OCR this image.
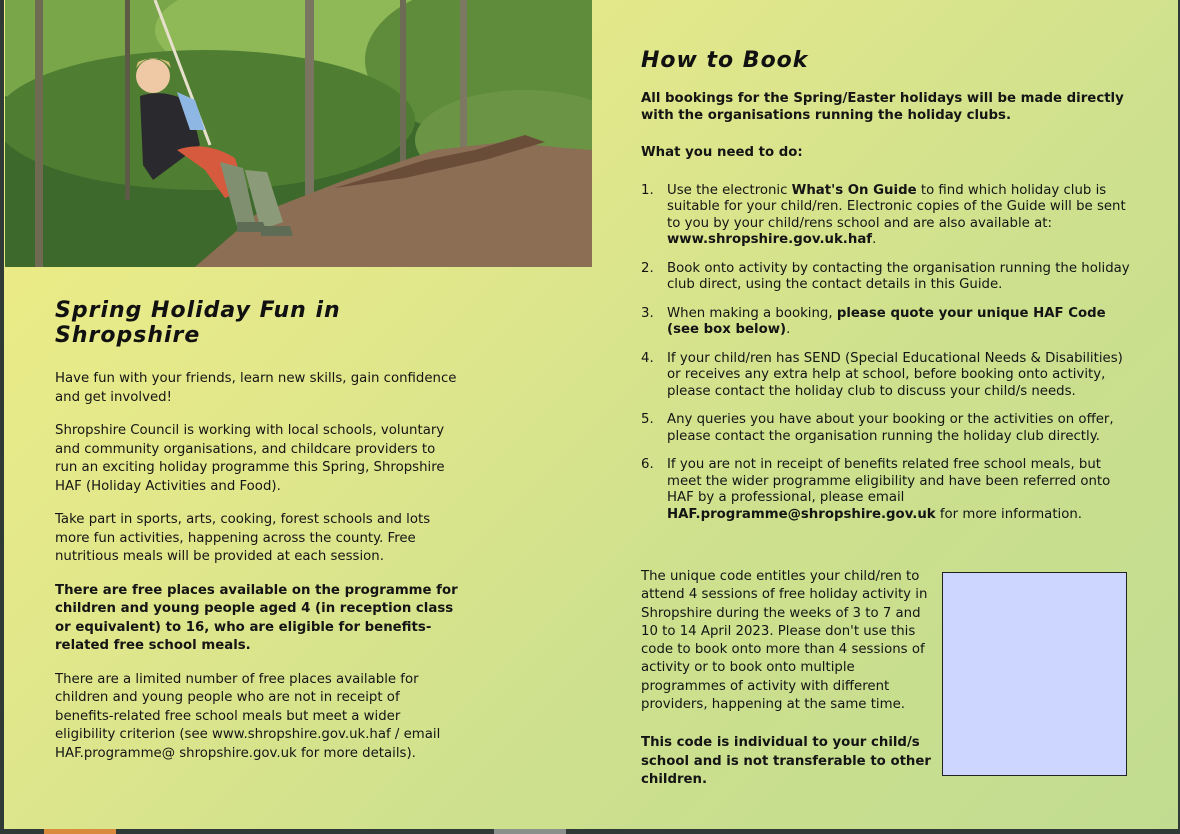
Spring Holiday Fun in Shropshire

Have fun with your friends, learn new skills, gain confidence and get involved!

Shropshire Council is working with local schools, voluntary and community organisations, and childcare providers to run an exciting holiday programme this Spring, Shropshire HAF (Holiday Activities and Food).

Take part in sports, arts, cooking, forest schools and lots more fun activities, happening across the county. Free nutritious meals will be provided at each session.

There are free places available on the programme for children and young people aged 4 (in reception class or equivalent) to 16, who are eligible for benefits-related free school meals.

There are a limited number of free places available for children and young people who are not in receipt of benefits-related free school meals but meet a wider eligibility criterion (see www.shropshire.gov.uk.haf / email HAF.programme@ shropshire.gov.uk for more details).

How to Book

All bookings for the Spring/Easter holidays will be made directly with the organisations running the holiday clubs.

What you need to do:

1. Use the electronic What's On Guide to find which holiday club is suitable for your child/ren. Electronic copies of the Guide will be sent to you by your child/rens school and are also available at: www.shropshire.gov.uk.haf.
2. Book onto activity by contacting the organisation running the holiday club direct, using the contact details in this Guide.
3. When making a booking, please quote your unique HAF Code (see box below).
4. If your child/ren has SEND (Special Educational Needs & Disabilities) or receives any extra help at school, before booking onto activity, please contact the holiday club to discuss your child/s needs.
5. Any queries you have about your booking or the activities on offer, please contact the organisation running the holiday club directly.
6. If you are not in receipt of benefits related free school meals, but meet the wider programme eligibility and have been referred onto HAF by a professional, please email HAF.programme@shropshire.gov.uk for more information.

The unique code entitles your child/ren to attend 4 sessions of free holiday activity in Shropshire during the weeks of 3 to 7 and 10 to 14 April 2023. Please don't use this code to book onto more than 4 sessions of activity or to book onto multiple programmes of activity with different providers, happening at the same time.

This code is individual to your child/s school and is not transferable to other children.
